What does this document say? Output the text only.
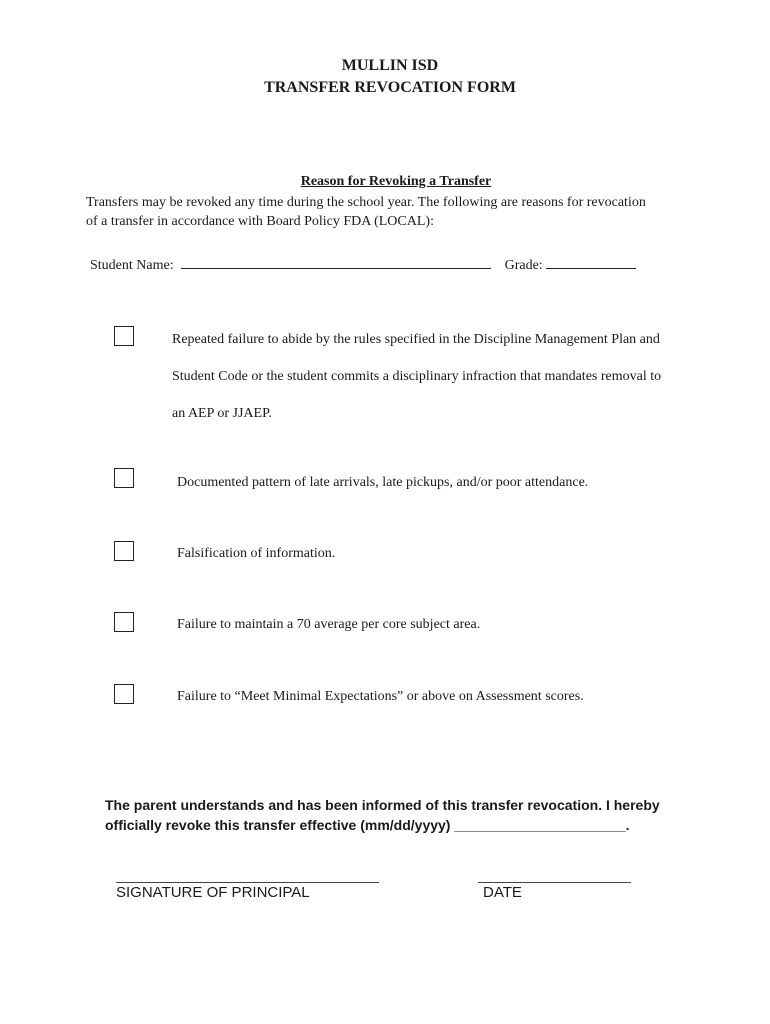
MULLIN ISD
TRANSFER REVOCATION FORM
Reason for Revoking a Transfer
Transfers may be revoked any time during the school year. The following are reasons for revocation
of a transfer in accordance with Board Policy FDA (LOCAL):
Student Name:	Grade:
Repeated failure to abide by the rules specified in the Discipline Management Plan and
Student Code or the student commits a disciplinary infraction that mandates removal to
an AEP or JJAEP.
Documented pattern of late arrivals, late pickups, and/or poor attendance.
Falsification of information.
Failure to maintain a 70 average per core subject area.
Failure to “Meet Minimal Expectations” or above on Assessment scores.
The parent understands and has been informed of this transfer revocation. I hereby
officially revoke this transfer effective (mm/dd/yyyy) ______________________.
SIGNATURE OF PRINCIPAL	DATE
